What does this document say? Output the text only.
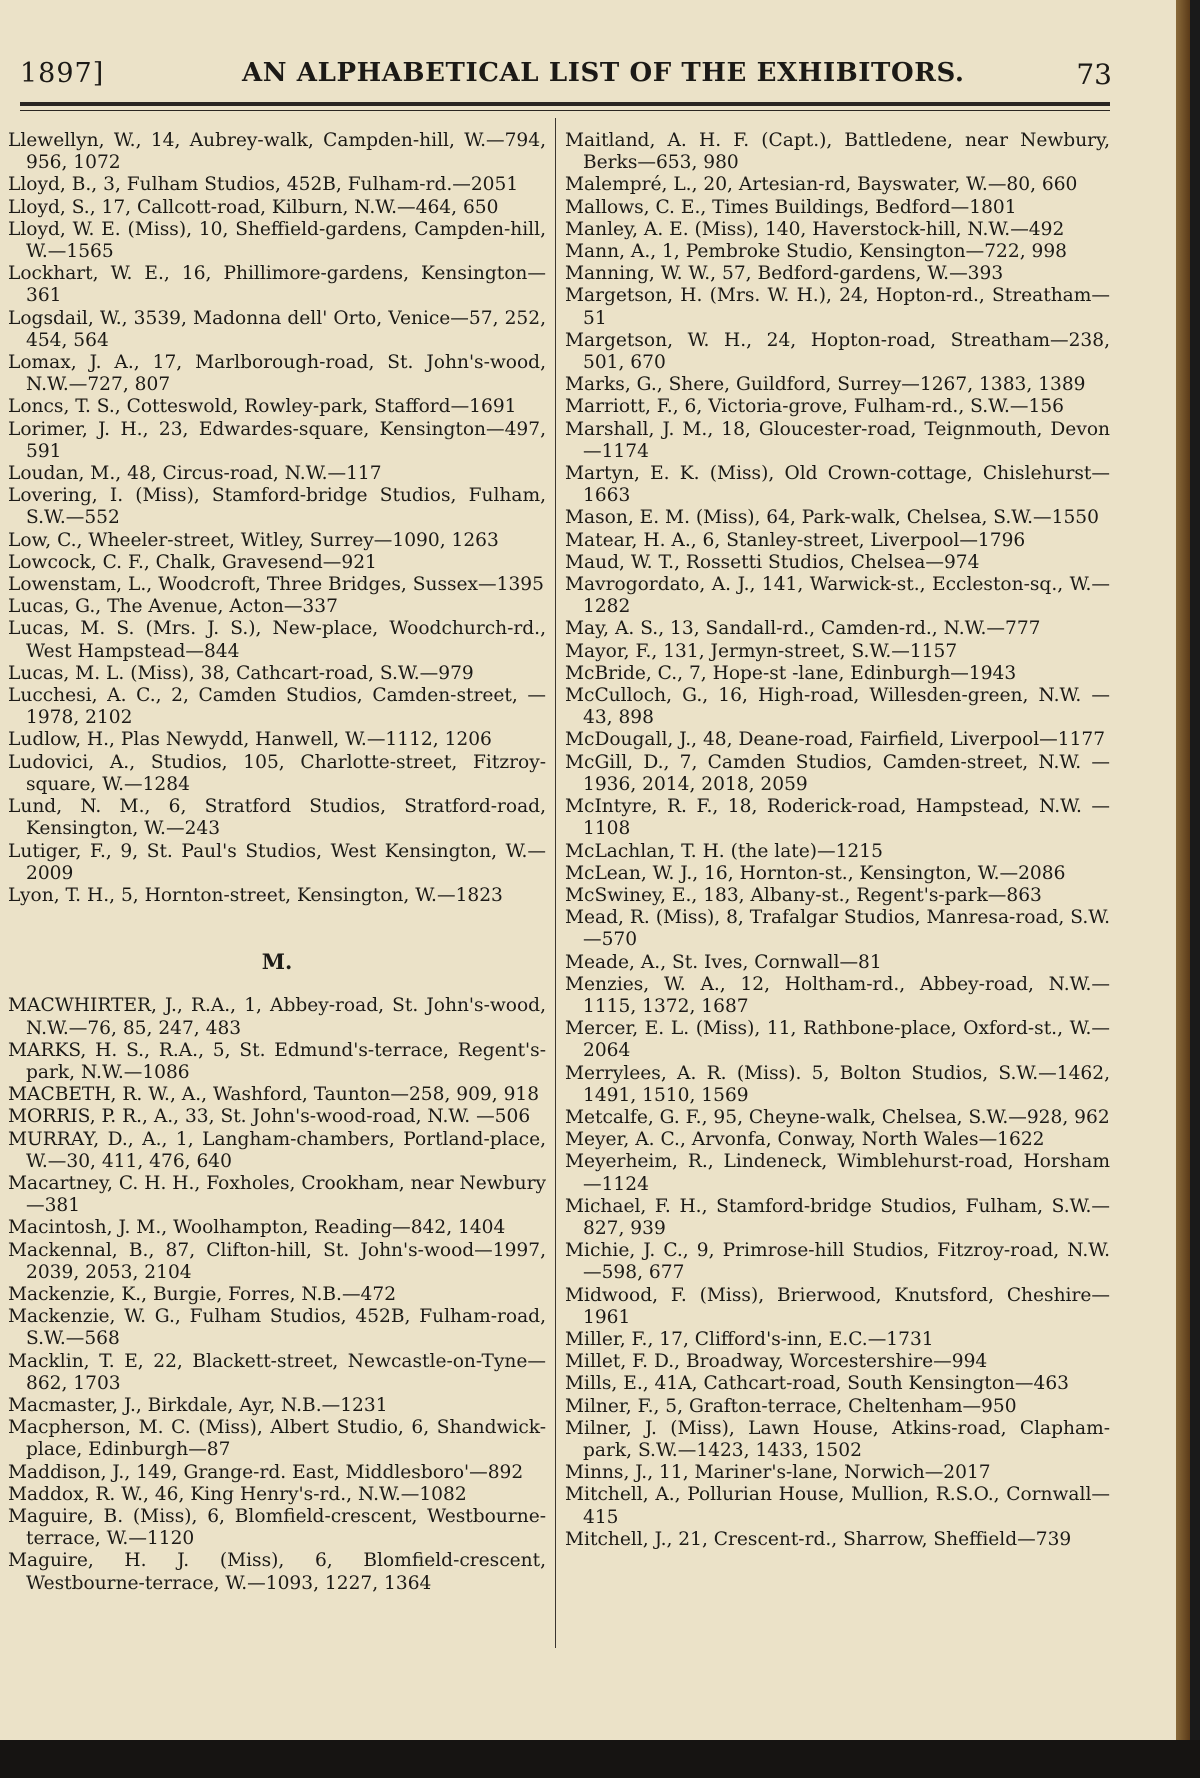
1897]	AN ALPHABETICAL LIST OF THE EXHIBITORS.	73

Llewellyn, W., 14, Aubrey-walk, Campden-hill, W.—794, 956, 1072

Lloyd, B., 3, Fulham Studios, 452B, Fulham-rd.—2051

Lloyd, S., 17, Callcott-road, Kilburn, N.W.—464, 650

Lloyd, W. E. (Miss), 10, Sheffield-gardens, Campden-hill, W.—1565

Lockhart, W. E., 16, Phillimore-gardens, Kensington—361

Logsdail, W., 3539, Madonna dell' Orto, Venice—57, 252, 454, 564

Lomax, J. A., 17, Marlborough-road, St. John's-wood, N.W.—727, 807

Loncs, T. S., Cotteswold, Rowley-park, Stafford—1691

Lorimer, J. H., 23, Edwardes-square, Kensington—497, 591

Loudan, M., 48, Circus-road, N.W.—117

Lovering, I. (Miss), Stamford-bridge Studios, Fulham, S.W.—552

Low, C., Wheeler-street, Witley, Surrey—1090, 1263

Lowcock, C. F., Chalk, Gravesend—921

Lowenstam, L., Woodcroft, Three Bridges, Sussex—1395

Lucas, G., The Avenue, Acton—337

Lucas, M. S. (Mrs. J. S.), New-place, Woodchurch-rd., West Hampstead—844

Lucas, M. L. (Miss), 38, Cathcart-road, S.W.—979

Lucchesi, A. C., 2, Camden Studios, Camden-street, —1978, 2102

Ludlow, H., Plas Newydd, Hanwell, W.—1112, 1206

Ludovici, A., Studios, 105, Charlotte-street, Fitzroy-square, W.—1284

Lund, N. M., 6, Stratford Studios, Stratford-road, Kensington, W.—243

Lutiger, F., 9, St. Paul's Studios, West Kensington, W.—2009

Lyon, T. H., 5, Hornton-street, Kensington, W.—1823

M.

MACWHIRTER, J., R.A., 1, Abbey-road, St. John's-wood, N.W.—76, 85, 247, 483

MARKS, H. S., R.A., 5, St. Edmund's-terrace, Regent's-park, N.W.—1086

MACBETH, R. W., A., Washford, Taunton—258, 909, 918

MORRIS, P. R., A., 33, St. John's-wood-road, N.W. —506

MURRAY, D., A., 1, Langham-chambers, Portland-place, W.—30, 411, 476, 640

Macartney, C. H. H., Foxholes, Crookham, near Newbury—381

Macintosh, J. M., Woolhampton, Reading—842, 1404

Mackennal, B., 87, Clifton-hill, St. John's-wood—1997, 2039, 2053, 2104

Mackenzie, K., Burgie, Forres, N.B.—472

Mackenzie, W. G., Fulham Studios, 452B, Fulham-road, S.W.—568

Macklin, T. E, 22, Blackett-street, Newcastle-on-Tyne—862, 1703

Macmaster, J., Birkdale, Ayr, N.B.—1231

Macpherson, M. C. (Miss), Albert Studio, 6, Shandwick-place, Edinburgh—87

Maddison, J., 149, Grange-rd. East, Middlesboro'—892

Maddox, R. W., 46, King Henry's-rd., N.W.—1082

Maguire, B. (Miss), 6, Blomfield-crescent, Westbourne-terrace, W.—1120

Maguire, H. J. (Miss), 6, Blomfield-crescent, Westbourne-terrace, W.—1093, 1227, 1364

Maitland, A. H. F. (Capt.), Battledene, near Newbury, Berks—653, 980

Malempré, L., 20, Artesian-rd, Bayswater, W.—80, 660

Mallows, C. E., Times Buildings, Bedford—1801

Manley, A. E. (Miss), 140, Haverstock-hill, N.W.—492

Mann, A., 1, Pembroke Studio, Kensington—722, 998

Manning, W. W., 57, Bedford-gardens, W.—393

Margetson, H. (Mrs. W. H.), 24, Hopton-rd., Streatham—51

Margetson, W. H., 24, Hopton-road, Streatham—238, 501, 670

Marks, G., Shere, Guildford, Surrey—1267, 1383, 1389

Marriott, F., 6, Victoria-grove, Fulham-rd., S.W.—156

Marshall, J. M., 18, Gloucester-road, Teignmouth, Devon—1174

Martyn, E. K. (Miss), Old Crown-cottage, Chislehurst—1663

Mason, E. M. (Miss), 64, Park-walk, Chelsea, S.W.—1550

Matear, H. A., 6, Stanley-street, Liverpool—1796

Maud, W. T., Rossetti Studios, Chelsea—974

Mavrogordato, A. J., 141, Warwick-st., Eccleston-sq., W.—1282

May, A. S., 13, Sandall-rd., Camden-rd., N.W.—777

Mayor, F., 131, Jermyn-street, S.W.—1157

McBride, C., 7, Hope-st -lane, Edinburgh—1943

McCulloch, G., 16, High-road, Willesden-green, N.W. —43, 898

McDougall, J., 48, Deane-road, Fairfield, Liverpool—1177

McGill, D., 7, Camden Studios, Camden-street, N.W. —1936, 2014, 2018, 2059

McIntyre, R. F., 18, Roderick-road, Hampstead, N.W. —1108

McLachlan, T. H. (the late)—1215

McLean, W. J., 16, Hornton-st., Kensington, W.—2086

McSwiney, E., 183, Albany-st., Regent's-park—863

Mead, R. (Miss), 8, Trafalgar Studios, Manresa-road, S.W.—570

Meade, A., St. Ives, Cornwall—81

Menzies, W. A., 12, Holtham-rd., Abbey-road, N.W.—1115, 1372, 1687

Mercer, E. L. (Miss), 11, Rathbone-place, Oxford-st., W.—2064

Merrylees, A. R. (Miss). 5, Bolton Studios, S.W.—1462, 1491, 1510, 1569

Metcalfe, G. F., 95, Cheyne-walk, Chelsea, S.W.—928, 962

Meyer, A. C., Arvonfa, Conway, North Wales—1622

Meyerheim, R., Lindeneck, Wimblehurst-road, Horsham—1124

Michael, F. H., Stamford-bridge Studios, Fulham, S.W.—827, 939

Michie, J. C., 9, Primrose-hill Studios, Fitzroy-road, N.W.—598, 677

Midwood, F. (Miss), Brierwood, Knutsford, Cheshire—1961

Miller, F., 17, Clifford's-inn, E.C.—1731

Millet, F. D., Broadway, Worcestershire—994

Mills, E., 41A, Cathcart-road, South Kensington—463

Milner, F., 5, Grafton-terrace, Cheltenham—950

Milner, J. (Miss), Lawn House, Atkins-road, Clapham-park, S.W.—1423, 1433, 1502

Minns, J., 11, Mariner's-lane, Norwich—2017

Mitchell, A., Pollurian House, Mullion, R.S.O., Cornwall—415

Mitchell, J., 21, Crescent-rd., Sharrow, Sheffield—739
